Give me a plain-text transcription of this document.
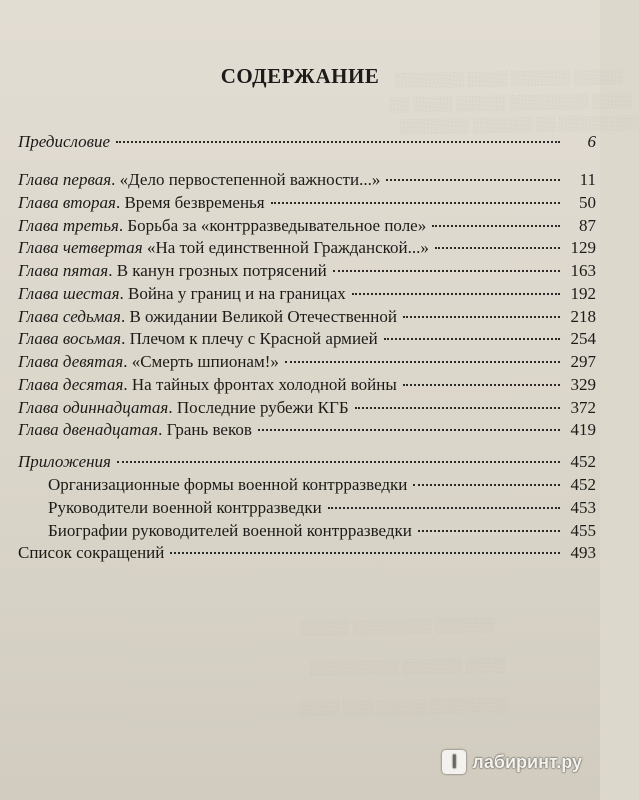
░░░░░ ░░░░░░ ░░░░ ░░░░░░░
░░░░ ░░░░░░░░ ░░░░░ ░░░░ ░░
░░░░░░░░ ░░ ░░░░░░ ░░░░░░░
░░░░░░ ░░░░░░░░ ░░░░░
░░░░ ░░░░░░ ░░░░░░░░░
░░░░░░░░ ░░░░░ ░░░ ░░░░
СОДЕРЖАНИЕ
Предисловие	6
Глава первая. «Дело первостепенной важности...»	11
Глава вторая. Время безвременья	50
Глава третья. Борьба за «контрразведывательное поле»	87
Глава четвертая «На той единственной Гражданской...»	129
Глава пятая. В канун грозных потрясений	163
Глава шестая. Война у границ и на границах	192
Глава седьмая. В ожидании Великой Отечественной	218
Глава восьмая. Плечом к плечу с Красной армией	254
Глава девятая. «Смерть шпионам!»	297
Глава десятая. На тайных фронтах холодной войны	329
Глава одиннадцатая. Последние рубежи КГБ	372
Глава двенадцатая. Грань веков	419
Приложения	452
Организационные формы военной контрразведки	452
Руководители военной контрразведки	453
Биографии руководителей военной контрразведки	455
Список сокращений	493
l лабиринт.ру
